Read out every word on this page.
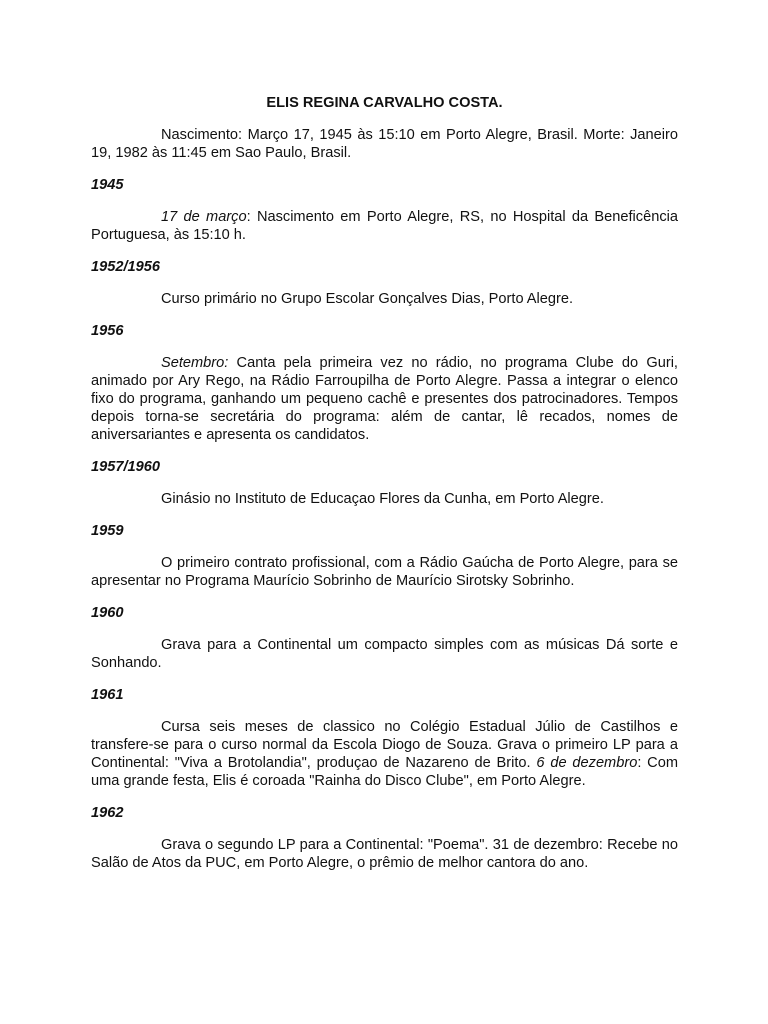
ELIS REGINA CARVALHO COSTA.

Nascimento: Março 17, 1945 às 15:10 em Porto Alegre, Brasil. Morte: Janeiro 19, 1982 às 11:45 em Sao Paulo, Brasil.

1945

17 de março: Nascimento em Porto Alegre, RS, no Hospital da Beneficência Portuguesa, às 15:10 h.

1952/1956

Curso primário no Grupo Escolar Gonçalves Dias, Porto Alegre.

1956

Setembro: Canta pela primeira vez no rádio, no programa Clube do Guri, animado por Ary Rego, na Rádio Farroupilha de Porto Alegre. Passa a integrar o elenco fixo do programa, ganhando um pequeno cachê e presentes dos patrocinadores. Tempos depois torna-se secretária do programa: além de cantar, lê recados, nomes de aniversariantes e apresenta os candidatos.

1957/1960

Ginásio no Instituto de Educaçao Flores da Cunha, em Porto Alegre.

1959

O primeiro contrato profissional, com a Rádio Gaúcha de Porto Alegre, para se apresentar no Programa Maurício Sobrinho de Maurício Sirotsky Sobrinho.

1960

Grava para a Continental um compacto simples com as músicas Dá sorte e Sonhando.

1961

Cursa seis meses de classico no Colégio Estadual Júlio de Castilhos e transfere-se para o curso normal da Escola Diogo de Souza. Grava o primeiro LP para a Continental: "Viva a Brotolandia", produçao de Nazareno de Brito. 6 de dezembro: Com uma grande festa, Elis é coroada "Rainha do Disco Clube", em Porto Alegre.

1962

Grava o segundo LP para a Continental: "Poema". 31 de dezembro: Recebe no Salão de Atos da PUC, em Porto Alegre, o prêmio de melhor cantora do ano.
